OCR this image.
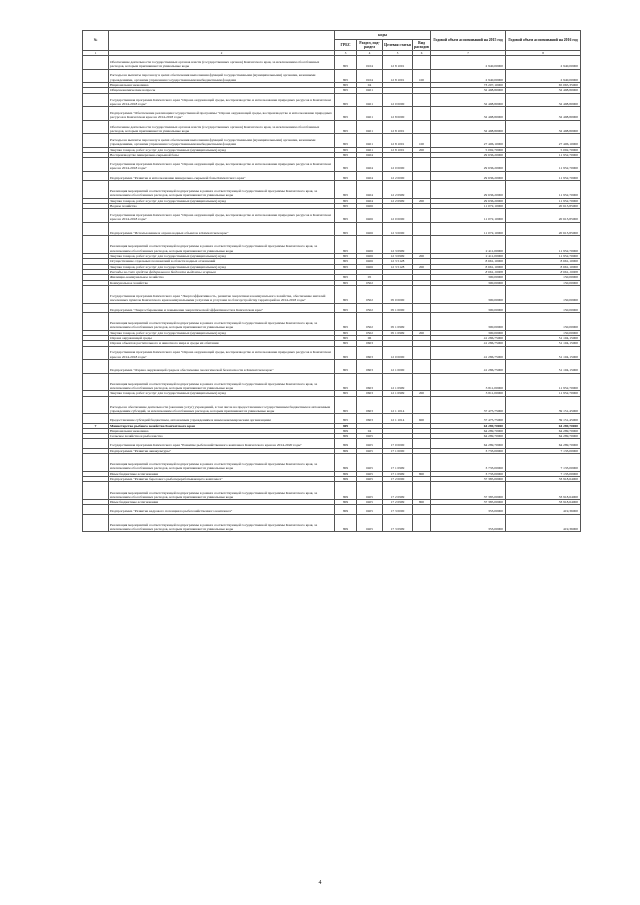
№		коды				Годовой объем ассигнований на 2015 год	Годовой объем ассигнований на 2016 год
		ГРБС	Раздел, под-раздел	Целевая статья	Вид расходов		
1	2	3	4	5	6	7	8
	Обеспечение деятельности государственных органов власти (государственных органов) Камчатского края, за исключением обособленных расходов, которым присваиваются уникальные коды	805	0104	12 8 1001		2 940,00000	2 940,00000
	Расходы на выплаты персоналу в целях обеспечения выполнения функций государственными (муниципальными) органами, казенными учреждениями, органами управления государственными внебюджетными фондами	805	0104	12 8 1001	100	2 940,00000	2 940,00000
	Национальная экономика	805	04			73 207,10000	65 065,35000
	Общеэкономические вопросы	805	0401			32 498,80000	32 498,80000
	Государственная программа Камчатского края "Охрана окружающей среды, воспроизводство и использование природных ресурсов в Камчатском крае на 2014-2018 годы"	805	0401	12 0 0000		32 498,80000	32 498,80000
	Подпрограмма "Обеспечение реализации государственной программы "Охрана окружающей среды, воспроизводство и использование природных ресурсов в Камчатском крае на 2014-2018 годы"	805	0401	12 8 0000		32 498,80000	32 498,80000
	Обеспечение деятельности государственных органов власти (государственных органов) Камчатского края, за исключением обособленных расходов, которым присваиваются уникальные коды	805	0401	12 8 1001		32 498,80000	32 498,80000
	Расходы на выплаты персоналу в целях обеспечения выполнения функций государственными (муниципальными) органами, казенными учреждениями, органами управления государственными внебюджетными фондами	805	0401	12 8 1001	100	27 406,10000	27 406,10000
	Закупка товаров, работ и услуг для государственных (муниципальных) нужд	805	0401	12 8 1001	200	5 092,70000	5 092,70000
	Воспроизводство минерально-сырьевой базы	805	0404			29 636,20000	11 952,70000
	Государственная программа Камчатского края "Охрана окружающей среды, воспроизводство и использование природных ресурсов в Камчатском крае на 2014-2018 годы"	805	0404	12 0 0000		29 636,20000	11 952,70000
	Подпрограмма "Развитие и использование минерально-сырьевой базы Камчатского края"	805	0404	12 2 0000		29 636,20000	11 952,70000
	Реализация мероприятий соответствующей подпрограммы в рамках соответствующей государственной программы Камчатского края, за исключением обособленных расходов, которым присваиваются уникальные коды	805	0404	12 2 0999		29 636,20000	11 952,70000
	Закупка товаров, работ и услуг для государственных (муниципальных) нужд	805	0404	12 2 0999	200	29 636,20000	11 952,70000
	Водное хозяйство	805	0406			11 072,10000	20 613,85000
	Государственная программа Камчатского края "Охрана окружающей среды, воспроизводство и использование природных ресурсов в Камчатском крае на 2014-2018 годы"	805	0406	12 0 0000		11 072,10000	20 613,85000
	Подпрограмма "Использование и охрана водных объектов в Камчатском крае"	805	0406	12 3 0000		11 072,10000	20 613,85000
	Реализация мероприятий соответствующей подпрограммы в рамках соответствующей государственной программы Камчатского края, за исключением обособленных расходов, которым присваиваются уникальные коды	805	0406	12 3 0999		2 411,00000	11 952,70000
	Закупка товаров, работ и услуг для государственных (муниципальных) нужд	805	0406	12 3 0999	200	2 411,00000	11 952,70000
	Осуществление отдельных полномочий в области водных отношений	805	0406	12 3 5128		8 661,10000	8 661,10000
	Закупка товаров, работ и услуг для государственных (муниципальных) нужд	805	0406	12 3 5128	200	8 661,10000	8 661,10000
	Расходы за счет средств федерального бюджета выделены жирным					8 661,10000	8 661,10000
	Жилищно-коммунальное хозяйство	805	05			300,00000	150,00000
	Коммунальное хозяйство	805	0502			300,00000	150,00000
	Государственная программа Камчатского края "Энергоэффективность, развитие энергетики и коммунального хозяйства, обеспечение жителей населенных пунктов Камчатского края коммунальными услугами и услугами по благоустройству территорий на 2014-2018 годы"	805	0502	05 0 0000		300,00000	150,00000
	Подпрограмма "Энергосбережение и повышение энергетической эффективности в Камчатском крае"	805	0502	05 1 0000		300,00000	150,00000
	Реализация мероприятий соответствующей подпрограммы в рамках соответствующей государственной программы Камчатского края, за исключением обособленных расходов, которым присваиваются уникальные коды	805	0502	05 1 0999		300,00000	150,00000
	Закупка товаров, работ и услуг для государственных (муниципальных) нужд	805	0502	05 1 0999	200	300,00000	150,00000
	Охрана окружающей среды	805	06			41 286,75000	51 104,15000
	Охрана объектов растительного и животного мира и среды их обитания	805	0603			41 286,75000	51 104,15000
	Государственная программа Камчатского края "Охрана окружающей среды, воспроизводство и использование природных ресурсов в Камчатском крае на 2014-2018 годы"	805	0603	12 0 0000		41 286,75000	51 104,15000
	Подпрограмма "Охрана окружающей среды и обеспечение экологической безопасности в Камчатском крае"	805	0603	12 1 0000		41 286,75000	51 104,15000
	Реализация мероприятий соответствующей подпрограммы в рамках соответствующей государственной программы Камчатского края, за исключением обособленных расходов, которым присваиваются уникальные коды	805	0603	12 1 0999		3 811,00000	11 952,70000
	Закупка товаров, работ и услуг для государственных (муниципальных) нужд	805	0603	12 1 0999	200	3 811,00000	11 952,70000
	Расходы на обеспечение деятельности (оказание услуг) учреждений, в том числе на предоставление государственным бюджетным и автономным учреждениям субсидий, за исключением обособленных расходов, которым присваиваются уникальные коды	805	0603	12 1 1014		37 475,75000	39 151,45000
	Предоставление субсидий бюджетным, автономным учреждениям и иным некоммерческим организациям	805	0603	12 1 1014	600	37 475,75000	39 151,45000
7	Министерство рыбного хозяйства Камчатского края	809				64 289,70000	64 289,70000
	Национальная экономика	809	04			64 289,70000	64 289,70000
	Сельское хозяйство и рыболовство	809	0405			64 289,70000	64 289,70000
	Государственная программа Камчатского края "Развитие рыбохозяйственного комплекса Камчатского края на 2014-2020 годы"	809	0405	17 0 0000		64 289,70000	64 289,70000
	Подпрограмма "Развитие аквакультуры"	809	0405	17 1 0000		3 733,00000	7 133,00000
	Реализация мероприятий соответствующей подпрограммы в рамках соответствующей государственной программы Камчатского края, за исключением обособленных расходов, которым присваиваются уникальные коды	809	0405	17 1 0999		3 733,00000	7 133,00000
	Иные бюджетные ассигнования	809	0405	17 1 0999	800	3 733,00000	7 133,00000
	Подпрограмма "Развитие берегового рыбоперерабатывающего комплекса"	809	0405	17 2 0000		37 385,00000	33 918,64000
	Реализация мероприятий соответствующей подпрограммы в рамках соответствующей государственной программы Камчатского края, за исключением обособленных расходов, которым присваиваются уникальные коды	809	0405	17 2 0999		37 385,00000	33 918,64000
	Иные бюджетные ассигнования	809	0405	17 2 0999	800	37 385,00000	33 918,64000
	Подпрограмма "Развитие кадрового потенциала рыбохозяйственного комплекса"	809	0405	17 3 0000		353,00000	419,36000
	Реализация мероприятий соответствующей подпрограммы в рамках соответствующей государственной программы Камчатского края, за исключением обособленных расходов, которым присваиваются уникальные коды	809	0405	17 3 0999		353,00000	419,36000
4
